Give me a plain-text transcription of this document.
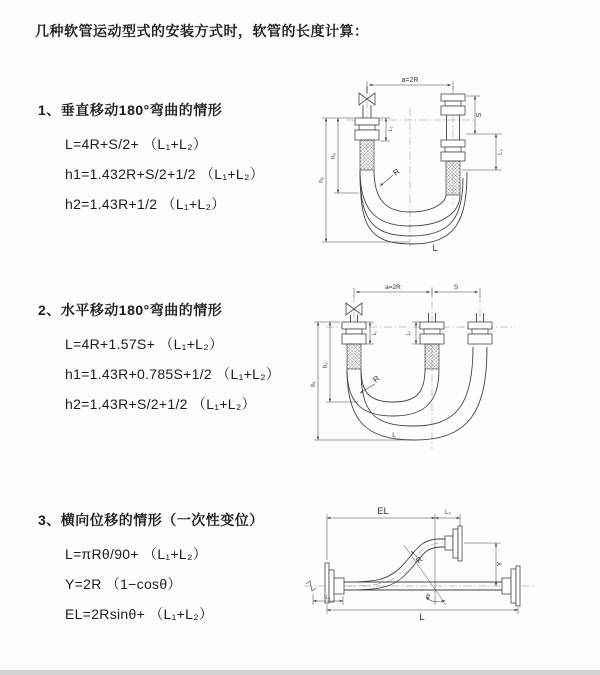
几种软管运动型式的安装方式时，软管的长度计算：
1、垂直移动180°弯曲的情形
L=4R+S/2+ （L₁+L₂）
h1=1.432R+S/2+1/2 （L₁+L₂）
h2=1.43R+1/2 （L₁+L₂）
2、水平移动180°弯曲的情形
L=4R+1.57S+ （L₁+L₂）
h1=1.43R+0.785S+1/2 （L₁+L₂）
h2=1.43R+S/2+1/2 （L₁+L₂）
3、横向位移的情形（一次性变位）
L=πRθ/90+ （L₁+L₂）
Y=2R （1−cosθ）
EL=2Rsinθ+ （L₁+L₂）
a=2R
S
L₂
h₁
h₂
L₁
R
L
a=2R	S
h₁
h₂
L₁	L₂
R
L
EL	L₂
Y
R
θ
L
L₁
